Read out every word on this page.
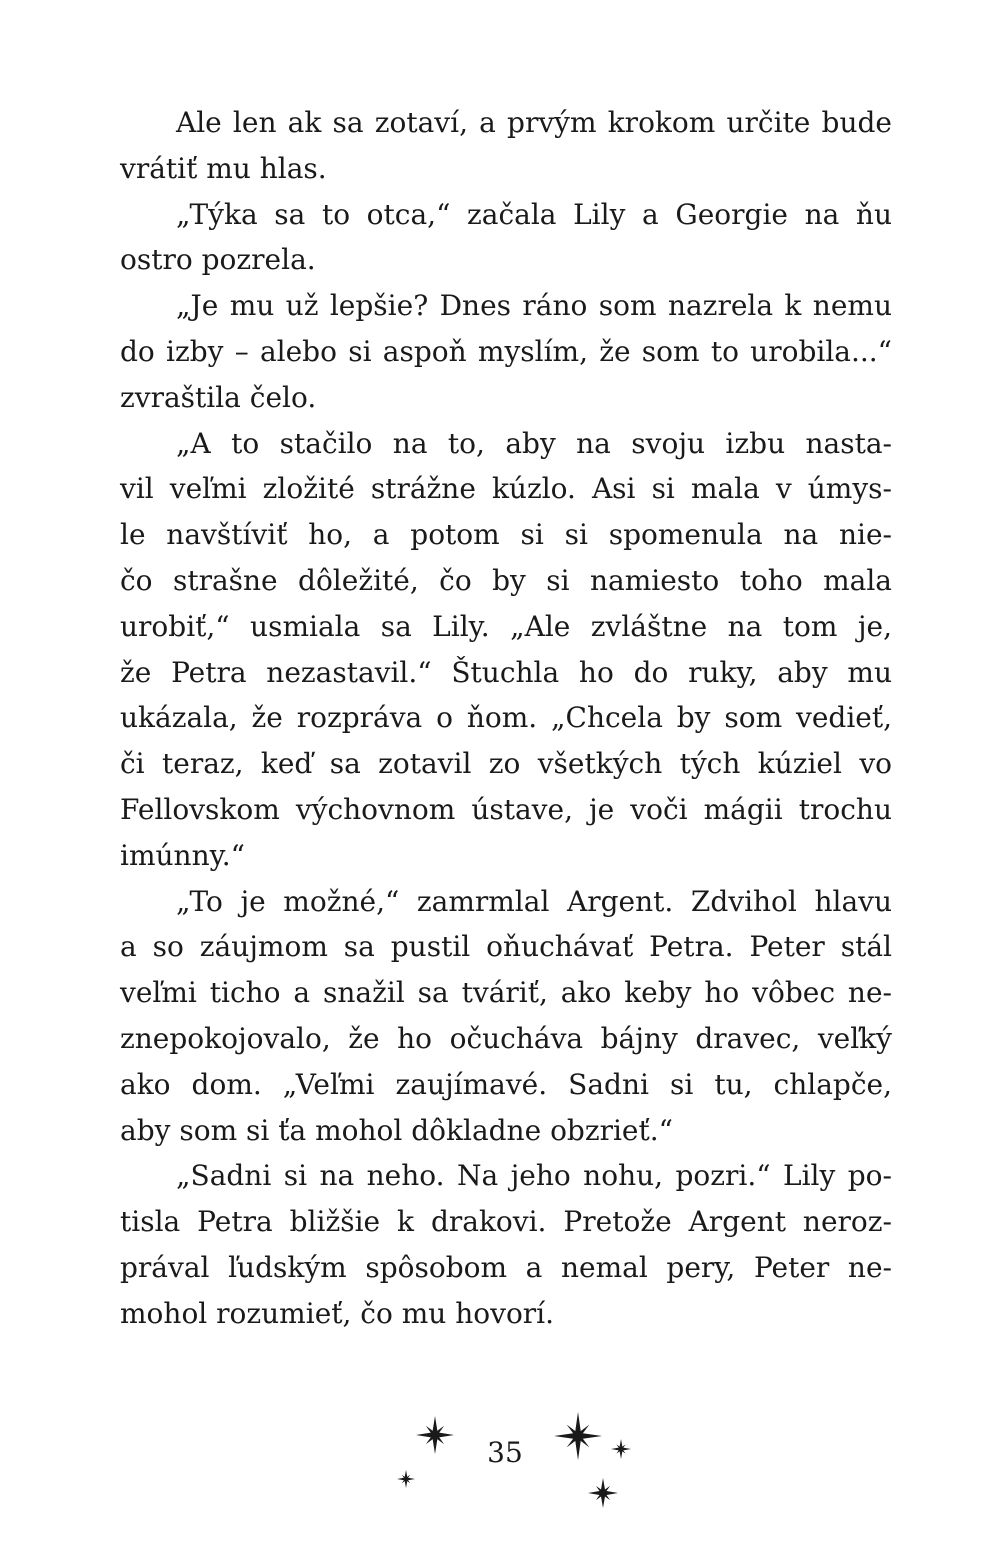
Ale len ak sa zotaví, a prvým krokom určite bude
vrátiť mu hlas.
„Týka sa to otca,“ začala Lily a Georgie na ňu
ostro pozrela.
„Je mu už lepšie? Dnes ráno som nazrela k nemu
do izby – alebo si aspoň myslím, že som to urobila...“
zvraštila čelo.
„A to stačilo na to, aby na svoju izbu nasta-
vil veľmi zložité strážne kúzlo. Asi si mala v úmys-
le navštíviť ho, a potom si si spomenula na nie-
čo strašne dôležité, čo by si namiesto toho mala
urobiť,“ usmiala sa Lily. „Ale zvláštne na tom je,
že Petra nezastavil.“ Štuchla ho do ruky, aby mu
ukázala, že rozpráva o ňom. „Chcela by som vedieť,
či teraz, keď sa zotavil zo všetkých tých kúziel vo
Fellovskom výchovnom ústave, je voči mágii trochu
imúnny.“
„To je možné,“ zamrmlal Argent. Zdvihol hlavu
a so záujmom sa pustil oňuchávať Petra. Peter stál
veľmi ticho a snažil sa tváriť, ako keby ho vôbec ne-
znepokojovalo, že ho očucháva bájny dravec, veľký
ako dom. „Veľmi zaujímavé. Sadni si tu, chlapče,
aby som si ťa mohol dôkladne obzrieť.“
„Sadni si na neho. Na jeho nohu, pozri.“ Lily po-
tisla Petra bližšie k drakovi. Pretože Argent neroz-
prával ľudským spôsobom a nemal pery, Peter ne-
mohol rozumieť, čo mu hovorí.
35
